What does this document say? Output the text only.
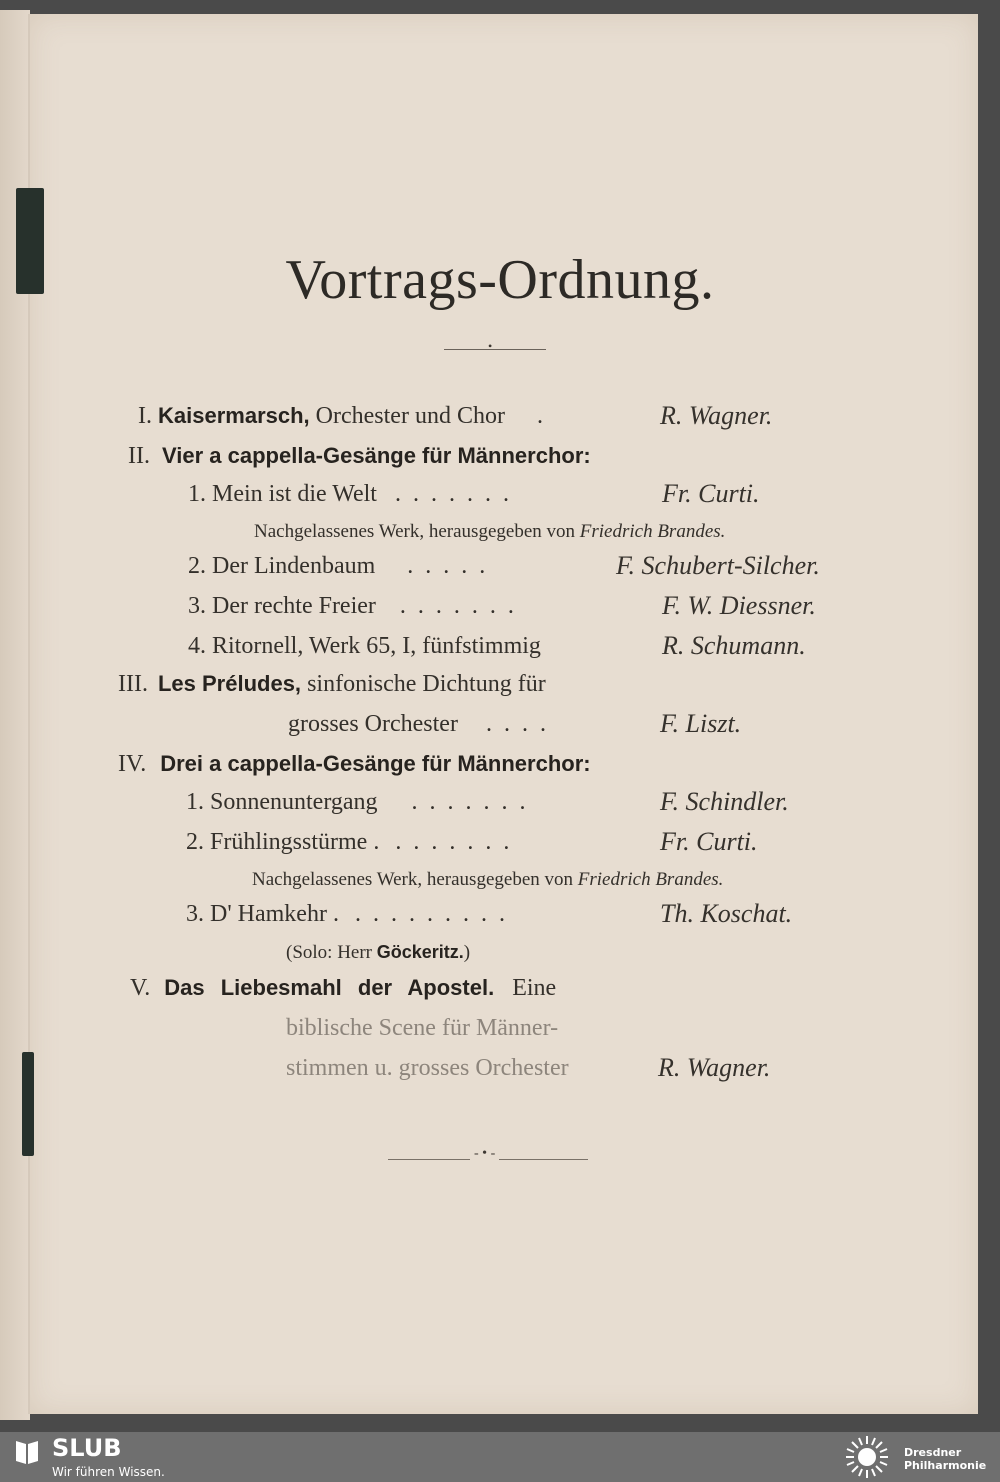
Vortrags-Ordnung.
•
I. Kaisermarsch, Orchester und Chor .	R. Wagner.
II. Vier a cappella-Gesänge für Männerchor:
1. Mein ist die Welt .......	Fr. Curti.
Nachgelassenes Werk, herausgegeben von Friedrich Brandes.
2. Der Lindenbaum .....	F. Schubert-Silcher.
3. Der rechte Freier .......	F. W. Diessner.
4. Ritornell, Werk 65, I, fünfstimmig	R. Schumann.
III. Les Préludes, sinfonische Dichtung für
grosses Orchester ....	F. Liszt.
IV. Drei a cappella-Gesänge für Männerchor:
1. Sonnenuntergang .......	F. Schindler.
2. Frühlingsstürme . .......	Fr. Curti.
Nachgelassenes Werk, herausgegeben von Friedrich Brandes.
3. D' Hamkehr . .........	Th. Koschat.
(Solo: Herr Göckeritz.)
V. Das Liebesmahl der Apostel. Eine
biblische Scene für Männer-
stimmen u. grosses Orchester	R. Wagner.
- • -
SLUB
Wir führen Wissen.
Dresdner
Philharmonie
